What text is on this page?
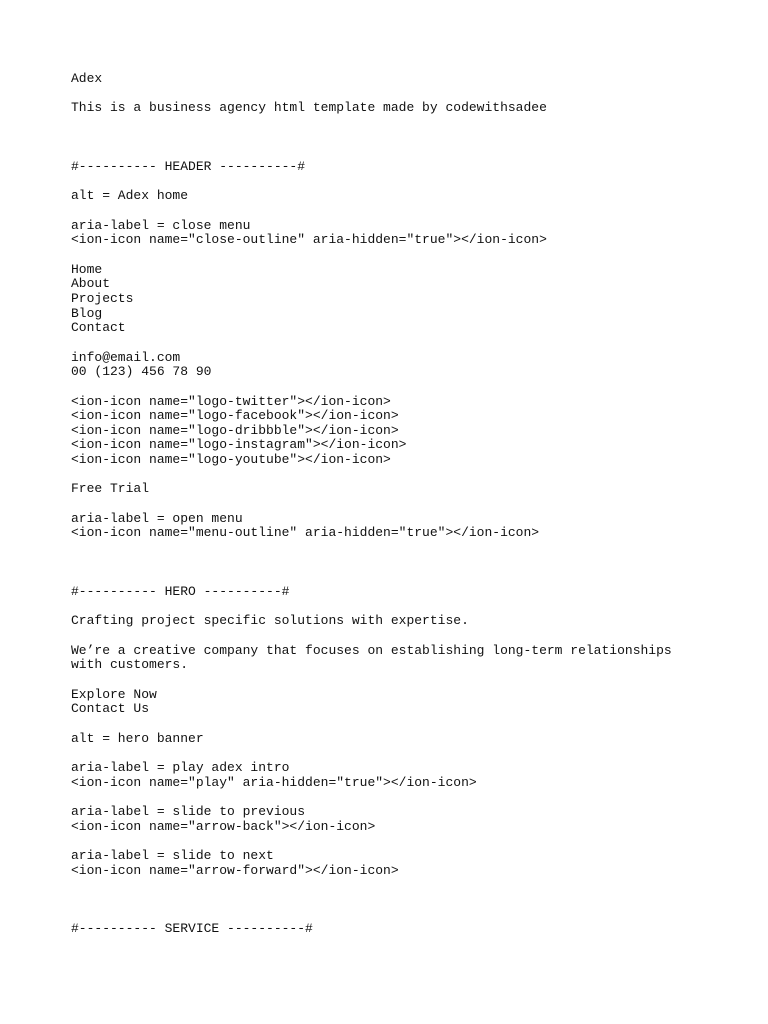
Adex
This is a business agency html template made by codewithsadee
#---------- HEADER ----------#
alt = Adex home
aria-label = close menu
<ion-icon name="close-outline" aria-hidden="true"></ion-icon>
Home
About
Projects
Blog
Contact
info@email.com
00 (123) 456 78 90
<ion-icon name="logo-twitter"></ion-icon>
<ion-icon name="logo-facebook"></ion-icon>
<ion-icon name="logo-dribbble"></ion-icon>
<ion-icon name="logo-instagram"></ion-icon>
<ion-icon name="logo-youtube"></ion-icon>
Free Trial
aria-label = open menu
<ion-icon name="menu-outline" aria-hidden="true"></ion-icon>
#---------- HERO ----------#
Crafting project specific solutions with expertise.
We’re a creative company that focuses on establishing long-term relationships with customers.
Explore Now
Contact Us
alt = hero banner
aria-label = play adex intro
<ion-icon name="play" aria-hidden="true"></ion-icon>
aria-label = slide to previous
<ion-icon name="arrow-back"></ion-icon>
aria-label = slide to next
<ion-icon name="arrow-forward"></ion-icon>
#---------- SERVICE ----------#
